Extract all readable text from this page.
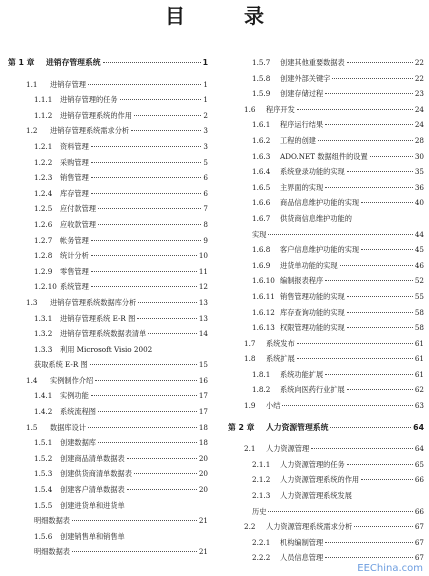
目 录
第 1 章	进销存管理系统	1
1.1	进销存管理	1
1.1.1	进销存管理的任务	1
1.1.2	进销存管理系统的作用	2
1.2	进销存管理系统需求分析	3
1.2.1	资料管理	3
1.2.2	采购管理	5
1.2.3	销售管理	6
1.2.4	库存管理	6
1.2.5	应付款管理	7
1.2.6	应收款管理	8
1.2.7	帐务管理	9
1.2.8	统计分析	10
1.2.9	零售管理	11
1.2.10 系统管理	12
1.3	进销存管理系统数据库分析	13
1.3.1	进销存管理系统 E-R 图	13
1.3.2	进销存管理系统数据表清单	14
1.3.3	利用 Microsoft Visio 2002
获取系统 E-R 图	15
1.4	实例制作介绍	16
1.4.1	实例功能	17
1.4.2	系统流程图	17
1.5	数据库设计	18
1.5.1	创建数据库	18
1.5.2	创建商品清单数据表	20
1.5.3	创建供货商清单数据表	20
1.5.4	创建客户清单数据表	20
1.5.5	创建进货单和进货单
明细数据表	21
1.5.6	创建销售单和销售单
明细数据表	21
1.5.7	创建其他重要数据表	22
1.5.8	创建外部关键字	22
1.5.9	创建存储过程	23
1.6	程序开发	24
1.6.1	程序运行结果	24
1.6.2	工程的创建	28
1.6.3	ADO.NET 数据组件的设置	30
1.6.4	系统登录功能的实现	35
1.6.5	主界面的实现	36
1.6.6	商品信息维护功能的实现	40
1.6.7	供货商信息维护功能的
实现	44
1.6.8	客户信息维护功能的实现	45
1.6.9	进货单功能的实现	46
1.6.10 编制报表程序	52
1.6.11 销售管理功能的实现	55
1.6.12 库存查询功能的实现	58
1.6.13 权限管理功能的实现	58
1.7	系统发布	61
1.8	系统扩展	61
1.8.1	系统功能扩展	61
1.8.2	系统向医药行业扩展	62
1.9	小结	63
第 2 章	人力资源管理系统	64
2.1	人力资源管理	64
2.1.1	人力资源管理的任务	65
2.1.2	人力资源管理系统的作用	66
2.1.3	人力资源管理系统发展
历史	66
2.2	人力资源管理系统需求分析	67
2.2.1	机构编制管理	67
2.2.2	人员信息管理	67
EEChina.com
